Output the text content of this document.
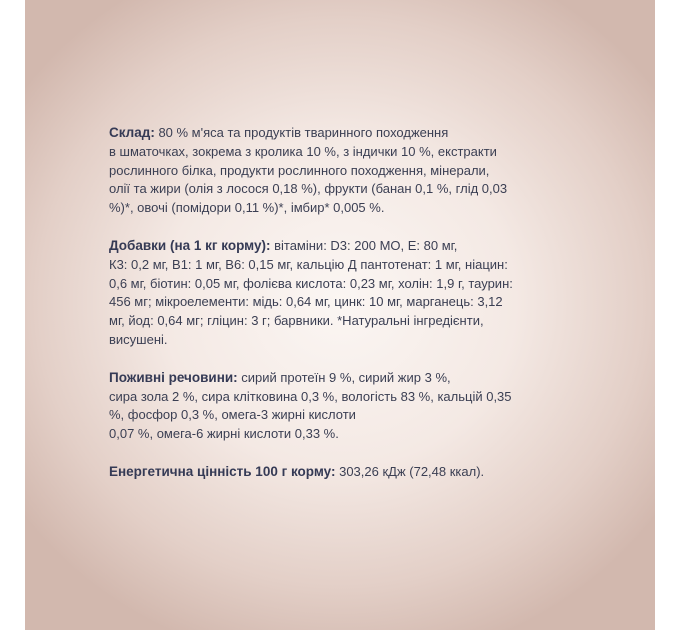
Склад: 80 % м'яса та продуктів тваринного походження
в шматочках, зокрема з кролика 10 %, з індички 10 %, екстракти
рослинного білка, продукти рослинного походження, мінерали,
олії та жири (олія з лосося 0,18 %), фрукти (банан 0,1 %, глід 0,03
%)*, овочі (помідори 0,11 %)*, імбир* 0,005 %.
Добавки (на 1 кг корму): вітаміни: D3: 200 МО, Е: 80 мг,
К3: 0,2 мг, В1: 1 мг, В6: 0,15 мг, кальцію Д пантотенат: 1 мг, ніацин:
0,6 мг, біотин: 0,05 мг, фолієва кислота: 0,23 мг, холін: 1,9 г, таурин:
456 мг; мікроелементи: мідь: 0,64 мг, цинк: 10 мг, марганець: 3,12
мг, йод: 0,64 мг; гліцин: 3 г; барвники. *Натуральні інгредієнти,
висушені.
Поживні речовини: сирий протеїн 9 %, сирий жир 3 %,
сира зола 2 %, сира клітковина 0,3 %, вологість 83 %, кальцій 0,35
%, фосфор 0,3 %, омега-3 жирні кислоти
0,07 %, омега-6 жирні кислоти 0,33 %.
Енергетична цінність 100 г корму: 303,26 кДж (72,48 ккал).
